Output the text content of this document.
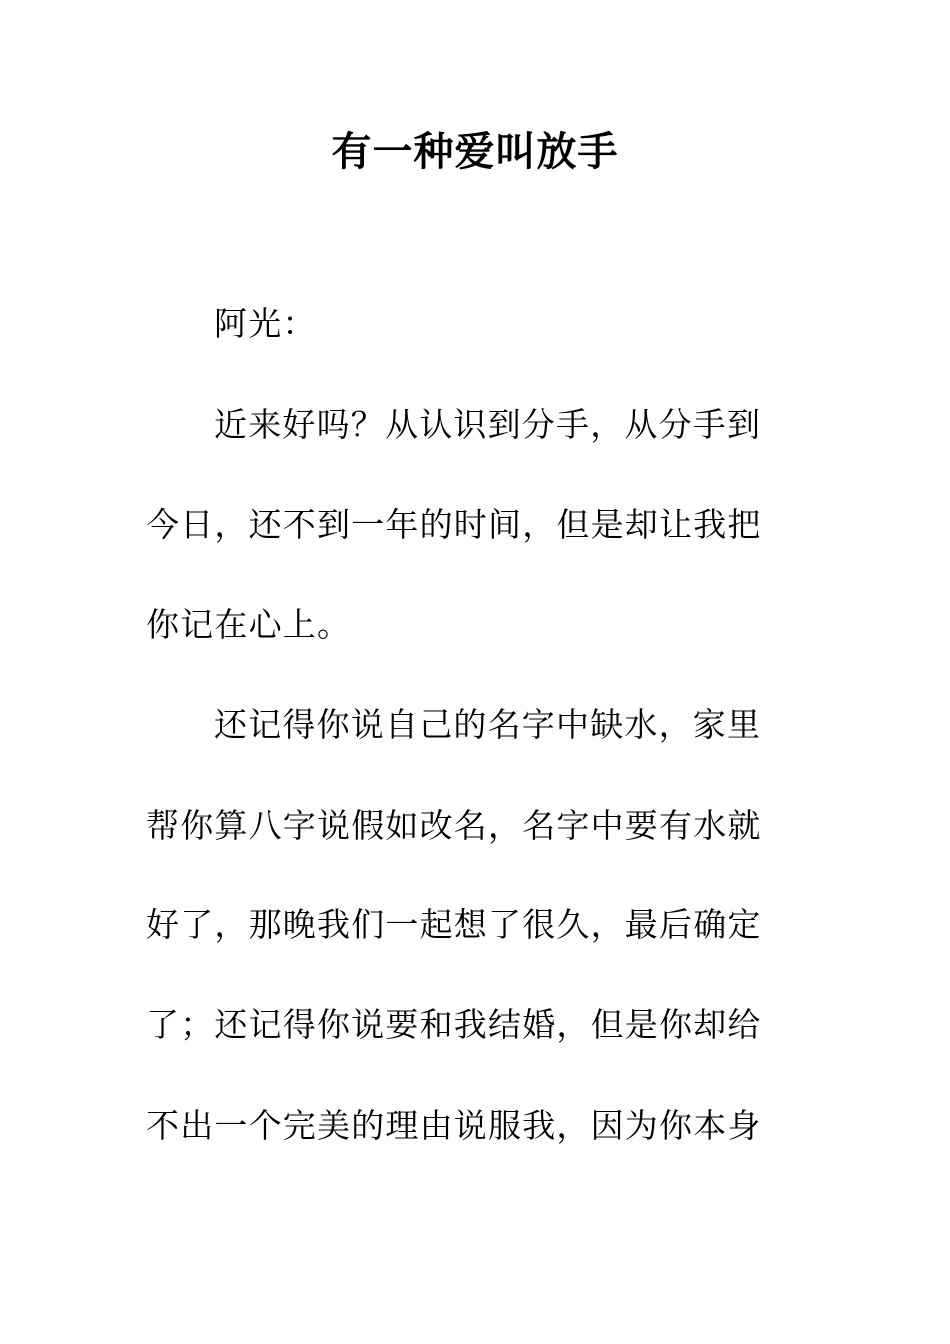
有一种爱叫放手
阿光：
近来好吗？从认识到分手，从分手到
今日，还不到一年的时间，但是却让我把
你记在心上。
还记得你说自己的名字中缺水，家里
帮你算八字说假如改名，名字中要有水就
好了，那晚我们一起想了很久，最后确定
了；还记得你说要和我结婚，但是你却给
不出一个完美的理由说服我，因为你本身
